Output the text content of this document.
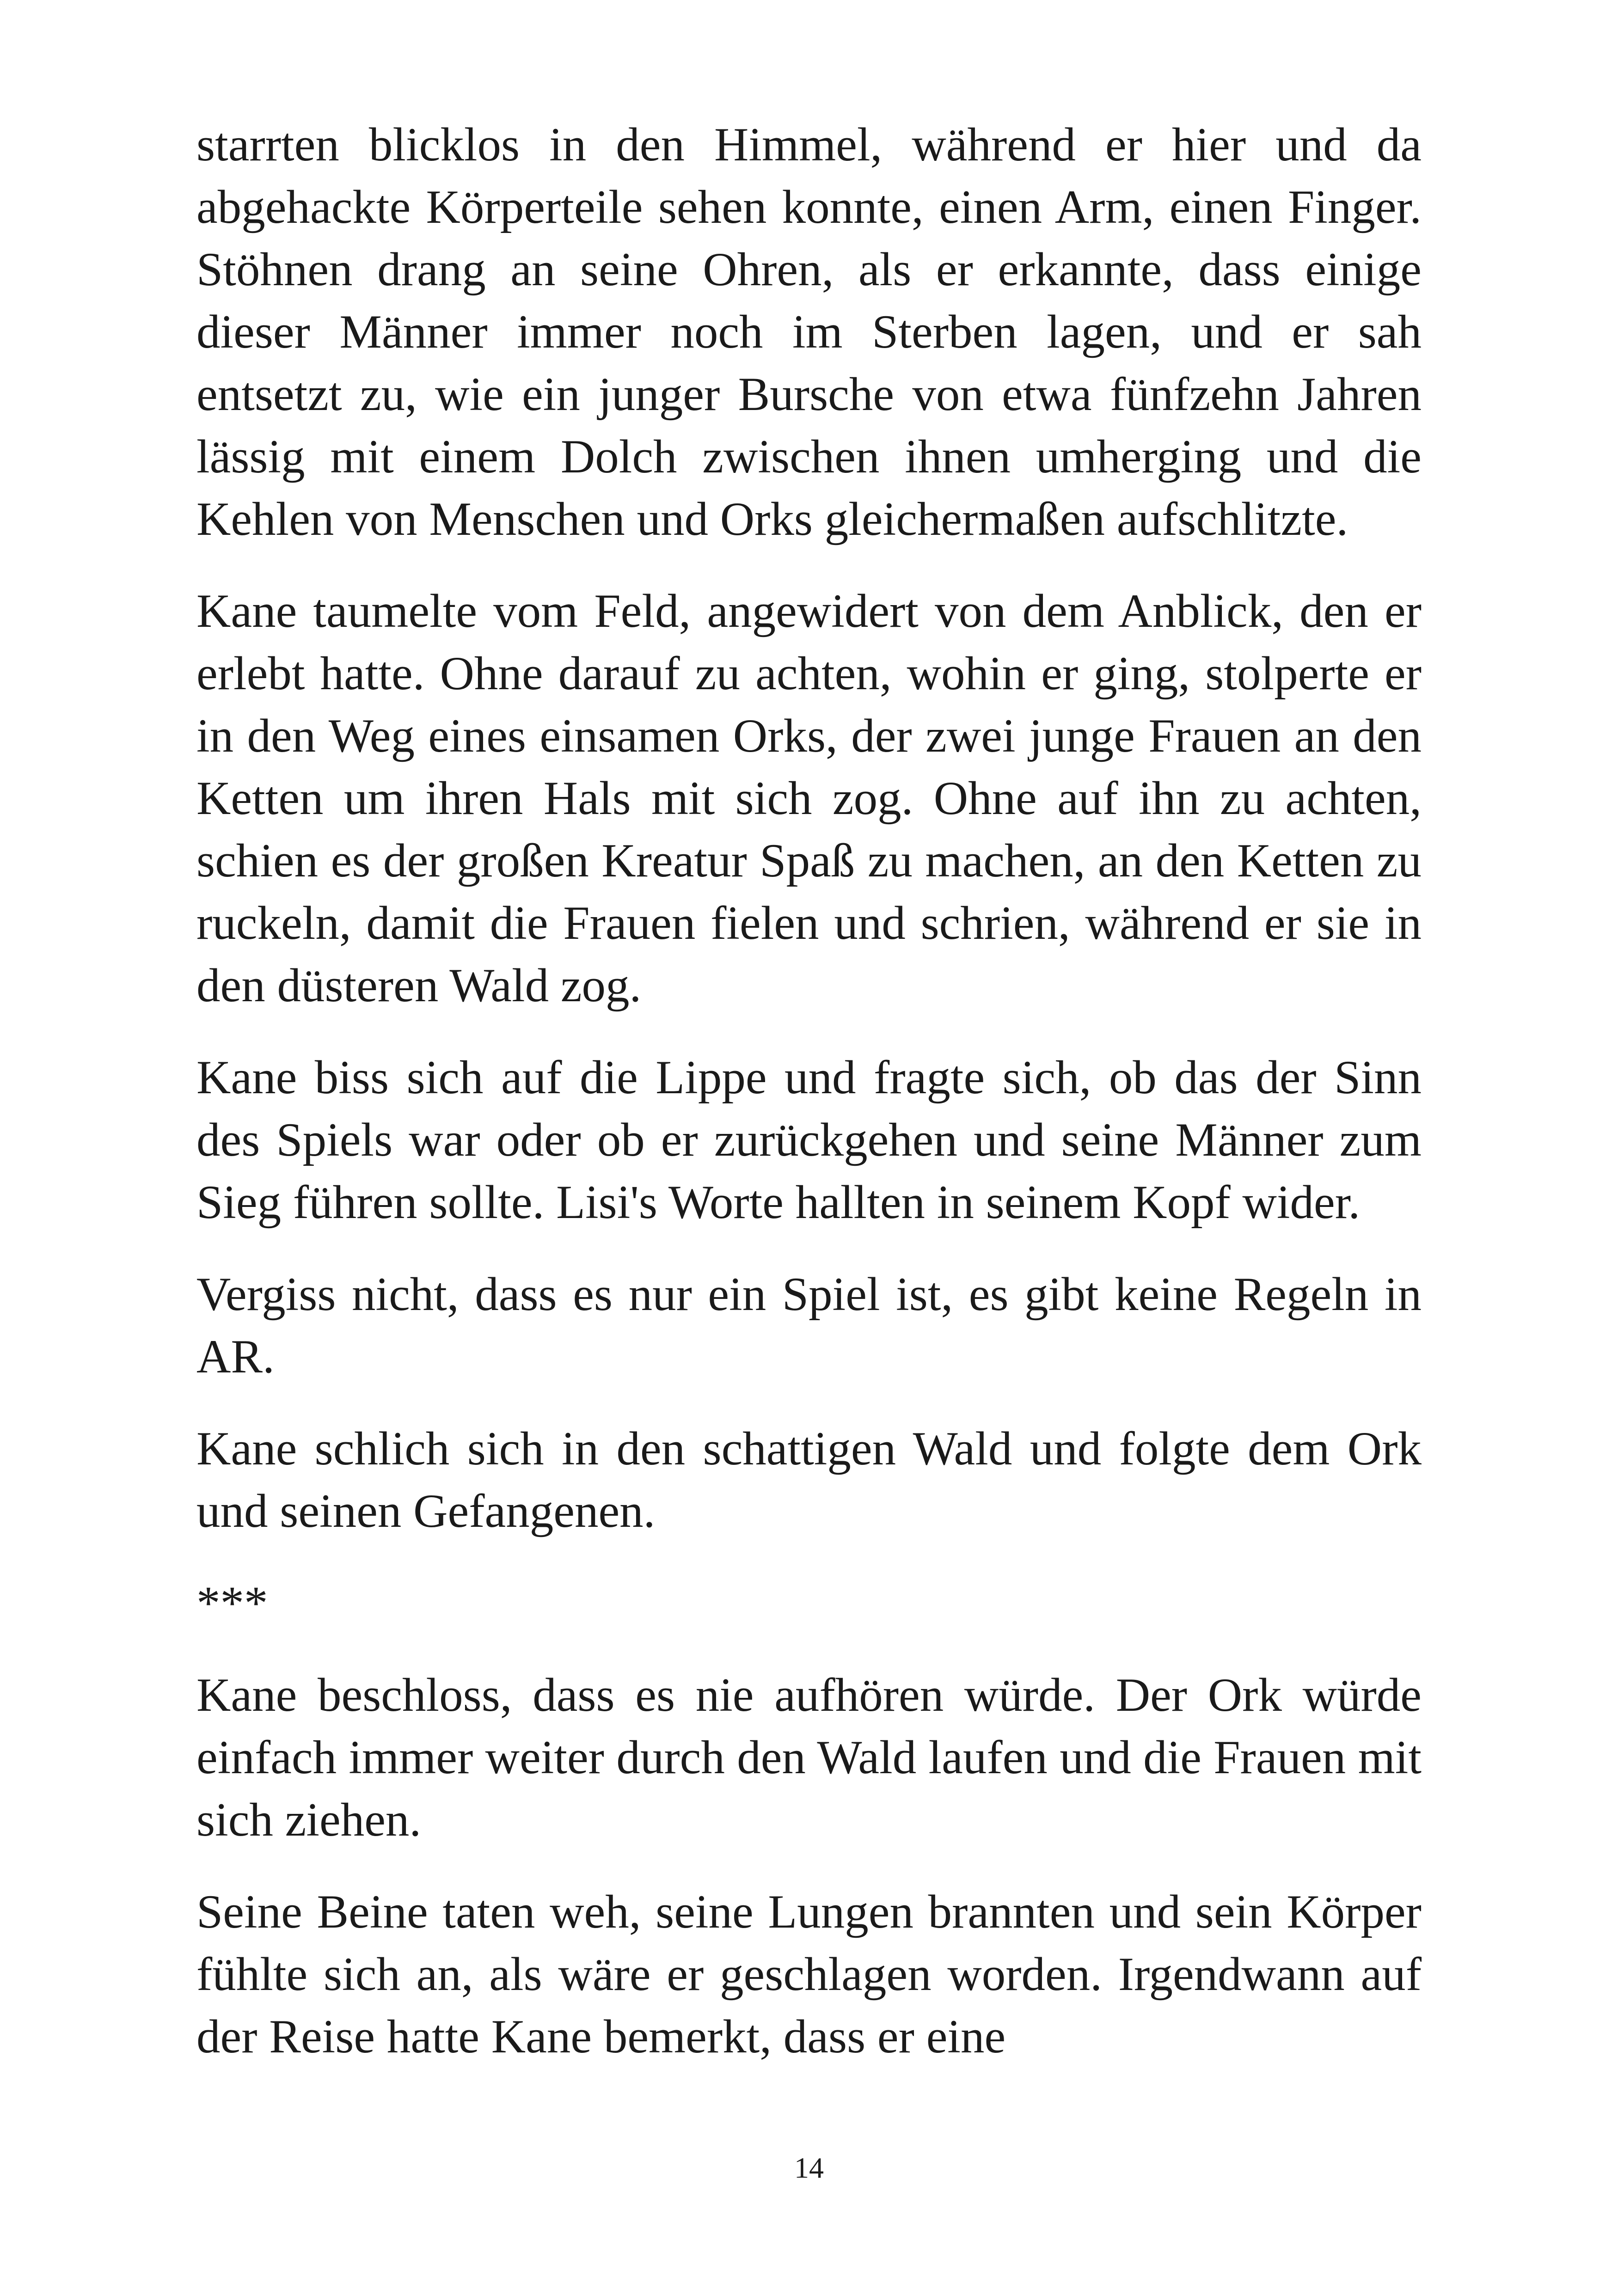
starrten blicklos in den Himmel, während er hier und da abgehackte Körperteile sehen konnte, einen Arm, einen Finger. Stöhnen drang an seine Ohren, als er erkannte, dass einige dieser Männer immer noch im Sterben lagen, und er sah entsetzt zu, wie ein junger Bursche von etwa fünfzehn Jahren lässig mit einem Dolch zwischen ihnen umherging und die Kehlen von Menschen und Orks gleichermaßen aufschlitzte.

Kane taumelte vom Feld, angewidert von dem Anblick, den er erlebt hatte. Ohne darauf zu achten, wohin er ging, stolperte er in den Weg eines einsamen Orks, der zwei junge Frauen an den Ketten um ihren Hals mit sich zog. Ohne auf ihn zu achten, schien es der großen Kreatur Spaß zu machen, an den Ketten zu ruckeln, damit die Frauen fielen und schrien, während er sie in den düsteren Wald zog.

Kane biss sich auf die Lippe und fragte sich, ob das der Sinn des Spiels war oder ob er zurückgehen und seine Männer zum Sieg führen sollte. Lisi's Worte hallten in seinem Kopf wider.

Vergiss nicht, dass es nur ein Spiel ist, es gibt keine Regeln in AR.

Kane schlich sich in den schattigen Wald und folgte dem Ork und seinen Gefangenen.

***

Kane beschloss, dass es nie aufhören würde. Der Ork würde einfach immer weiter durch den Wald laufen und die Frauen mit sich ziehen.

Seine Beine taten weh, seine Lungen brannten und sein Körper fühlte sich an, als wäre er geschlagen worden. Irgendwann auf der Reise hatte Kane bemerkt, dass er eine

14
